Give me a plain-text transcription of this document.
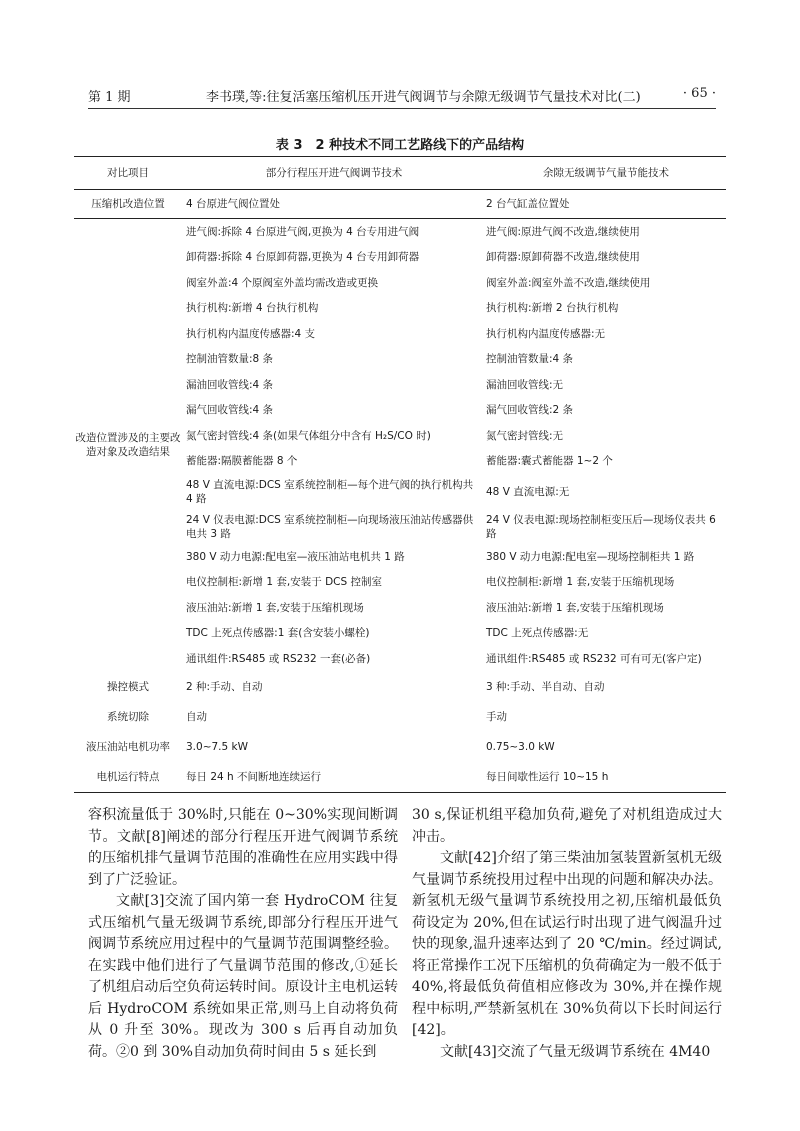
第 1 期	李书璞,等:往复活塞压缩机压开进气阀调节与余隙无级调节气量技术对比(二)	· 65 ·
表 3　2 种技术不同工艺路线下的产品结构
对比项目	部分行程压开进气阀调节技术	余隙无级调节气量节能技术
压缩机改造位置	4 台原进气阀位置处	2 台气缸盖位置处
改造位置涉及的主要改造对象及改造结果	进气阀:拆除 4 台原进气阀,更换为 4 台专用进气阀	进气阀:原进气阀不改造,继续使用
	卸荷器:拆除 4 台原卸荷器,更换为 4 台专用卸荷器	卸荷器:原卸荷器不改造,继续使用
	阀室外盖:4 个原阀室外盖均需改造或更换	阀室外盖:阀室外盖不改造,继续使用
	执行机构:新增 4 台执行机构	执行机构:新增 2 台执行机构
	执行机构内温度传感器:4 支	执行机构内温度传感器:无
	控制油管数量:8 条	控制油管数量:4 条
	漏油回收管线:4 条	漏油回收管线:无
	漏气回收管线:4 条	漏气回收管线:2 条
	氮气密封管线:4 条(如果气体组分中含有 H₂S/CO 时)	氮气密封管线:无
	蓄能器:隔膜蓄能器 8 个	蓄能器:囊式蓄能器 1~2 个
	48 V 直流电源:DCS 室系统控制柜—每个进气阀的执行机构共 4 路	48 V 直流电源:无
	24 V 仪表电源:DCS 室系统控制柜—向现场液压油站传感器供电共 3 路	24 V 仪表电源:现场控制柜变压后—现场仪表共 6 路
	380 V 动力电源:配电室—液压油站电机共 1 路	380 V 动力电源:配电室—现场控制柜共 1 路
	电仪控制柜:新增 1 套,安装于 DCS 控制室	电仪控制柜:新增 1 套,安装于压缩机现场
	液压油站:新增 1 套,安装于压缩机现场	液压油站:新增 1 套,安装于压缩机现场
	TDC 上死点传感器:1 套(含安装小螺栓)	TDC 上死点传感器:无
	通讯组件:RS485 或 RS232 一套(必备)	通讯组件:RS485 或 RS232 可有可无(客户定)
操控模式	2 种:手动、自动	3 种:手动、半自动、自动
系统切除	自动	手动
液压油站电机功率	3.0~7.5 kW	0.75~3.0 kW
电机运行特点	每日 24 h 不间断地连续运行	每日间歇性运行 10~15 h

容积流量低于 30%时,只能在 0~30%实现间断调节。文献[8]阐述的部分行程压开进气阀调节系统的压缩机排气量调节范围的准确性在应用实践中得到了广泛验证。

文献[3]交流了国内第一套 HydroCOM 往复式压缩机气量无级调节系统,即部分行程压开进气阀调节系统应用过程中的气量调节范围调整经验。在实践中他们进行了气量调节范围的修改,①延长了机组启动后空负荷运转时间。原设计主电机运转后 HydroCOM 系统如果正常,则马上自动将负荷从 0 升至 30%。现改为 300 s 后再自动加负荷。②0 到 30%自动加负荷时间由 5 s 延长到

30 s,保证机组平稳加负荷,避免了对机组造成过大冲击。

文献[42]介绍了第三柴油加氢装置新氢机无级气量调节系统投用过程中出现的问题和解决办法。新氢机无级气量调节系统投用之初,压缩机最低负荷设定为 20%,但在试运行时出现了进气阀温升过快的现象,温升速率达到了 20 ℃/min。经过调试,将正常操作工况下压缩机的负荷确定为一般不低于 40%,将最低负荷值相应修改为 30%,并在操作规程中标明,严禁新氢机在 30%负荷以下长时间运行[42]。

文献[43]交流了气量无级调节系统在 4M40
